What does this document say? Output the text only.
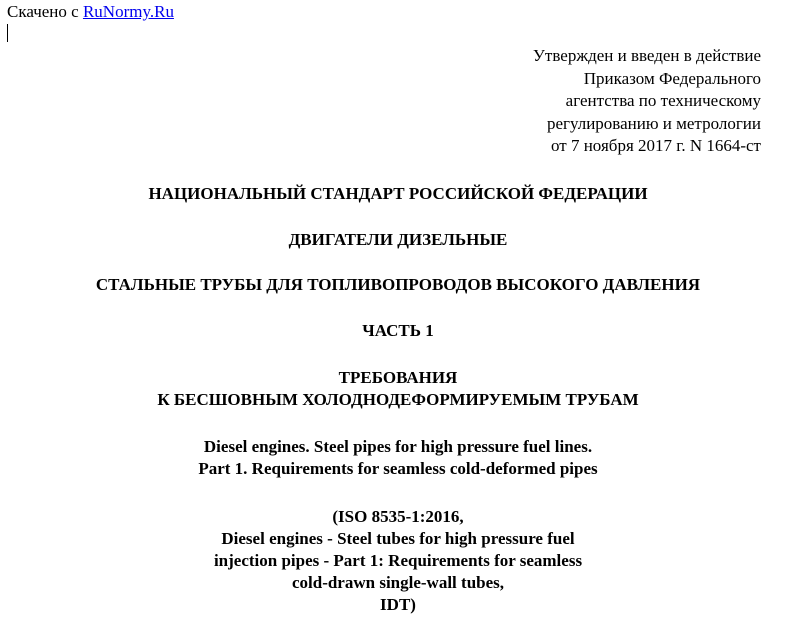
Скачено с RuNormy.Ru
Утвержден и введен в действие
Приказом Федерального
агентства по техническому
регулированию и метрологии
от 7 ноября 2017 г. N 1664-ст
НАЦИОНАЛЬНЫЙ СТАНДАРТ РОССИЙСКОЙ ФЕДЕРАЦИИ
ДВИГАТЕЛИ ДИЗЕЛЬНЫЕ
СТАЛЬНЫЕ ТРУБЫ ДЛЯ ТОПЛИВОПРОВОДОВ ВЫСОКОГО ДАВЛЕНИЯ
ЧАСТЬ 1
ТРЕБОВАНИЯ
К БЕСШОВНЫМ ХОЛОДНОДЕФОРМИРУЕМЫМ ТРУБАМ
Diesel engines. Steel pipes for high pressure fuel lines.
Part 1. Requirements for seamless cold-deformed pipes
(ISO 8535-1:2016,
Diesel engines - Steel tubes for high pressure fuel
injection pipes - Part 1: Requirements for seamless
cold-drawn single-wall tubes,
IDT)
